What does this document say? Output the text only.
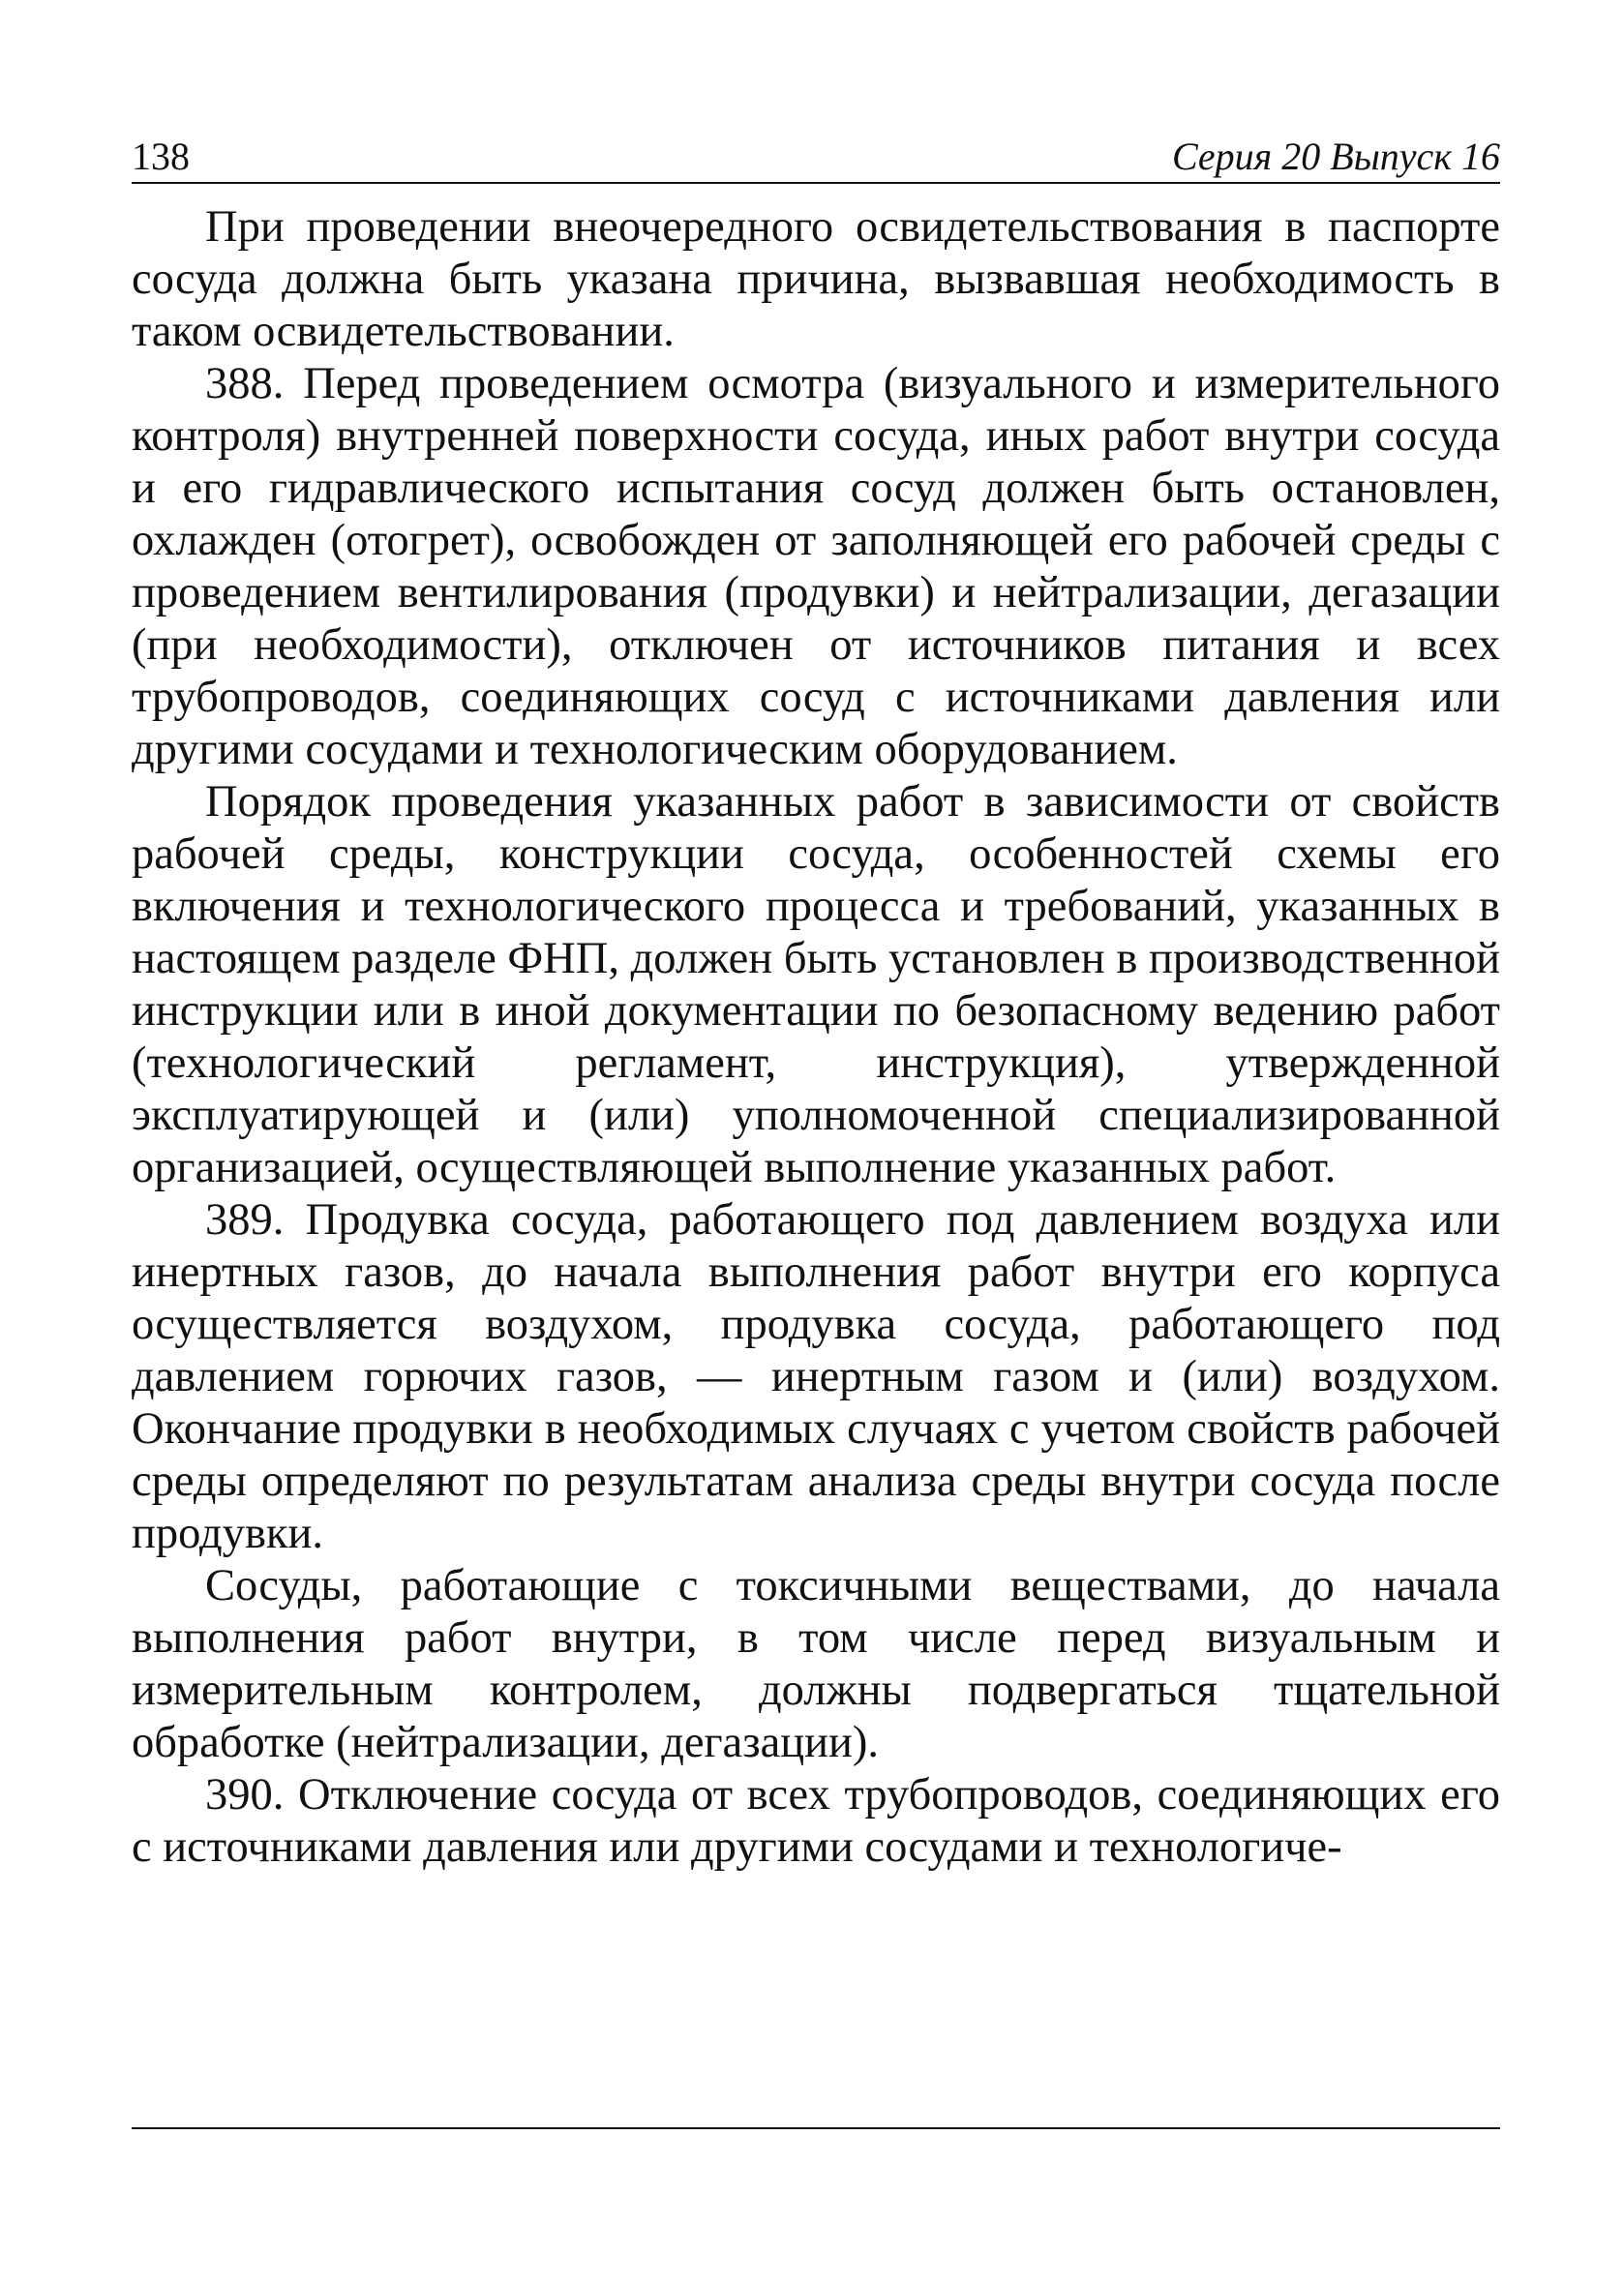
138	Серия 20 Выпуск 16

При проведении внеочередного освидетельствования в паспорте сосуда должна быть указана причина, вызвавшая необходимость в таком освидетельствовании.

388. Перед проведением осмотра (визуального и измерительного контроля) внутренней поверхности сосуда, иных работ внутри сосуда и его гидравлического испытания сосуд должен быть остановлен, охлажден (отогрет), освобожден от заполняющей его рабочей среды с проведением вентилирования (продувки) и нейтрализации, дегазации (при необходимости), отключен от источников питания и всех трубопроводов, соединяющих сосуд с источниками давления или другими сосудами и технологическим оборудованием.

Порядок проведения указанных работ в зависимости от свойств рабочей среды, конструкции сосуда, особенностей схемы его включения и технологического процесса и требований, указанных в настоящем разделе ФНП, должен быть установлен в производственной инструкции или в иной документации по безопасному ведению работ (технологический регламент, инструкция), утвержденной эксплуатирующей и (или) уполномоченной специализированной организацией, осуществляющей выполнение указанных работ.

389. Продувка сосуда, работающего под давлением воздуха или инертных газов, до начала выполнения работ внутри его корпуса осуществляется воздухом, продувка сосуда, работающего под давлением горючих газов, — инертным газом и (или) воздухом. Окончание продувки в необходимых случаях с учетом свойств рабочей среды определяют по результатам анализа среды внутри сосуда после продувки.

Сосуды, работающие с токсичными веществами, до начала выполнения работ внутри, в том числе перед визуальным и измерительным контролем, должны подвергаться тщательной обработке (нейтрализации, дегазации).

390. Отключение сосуда от всех трубопроводов, соединяющих его с источниками давления или другими сосудами и технологиче-
